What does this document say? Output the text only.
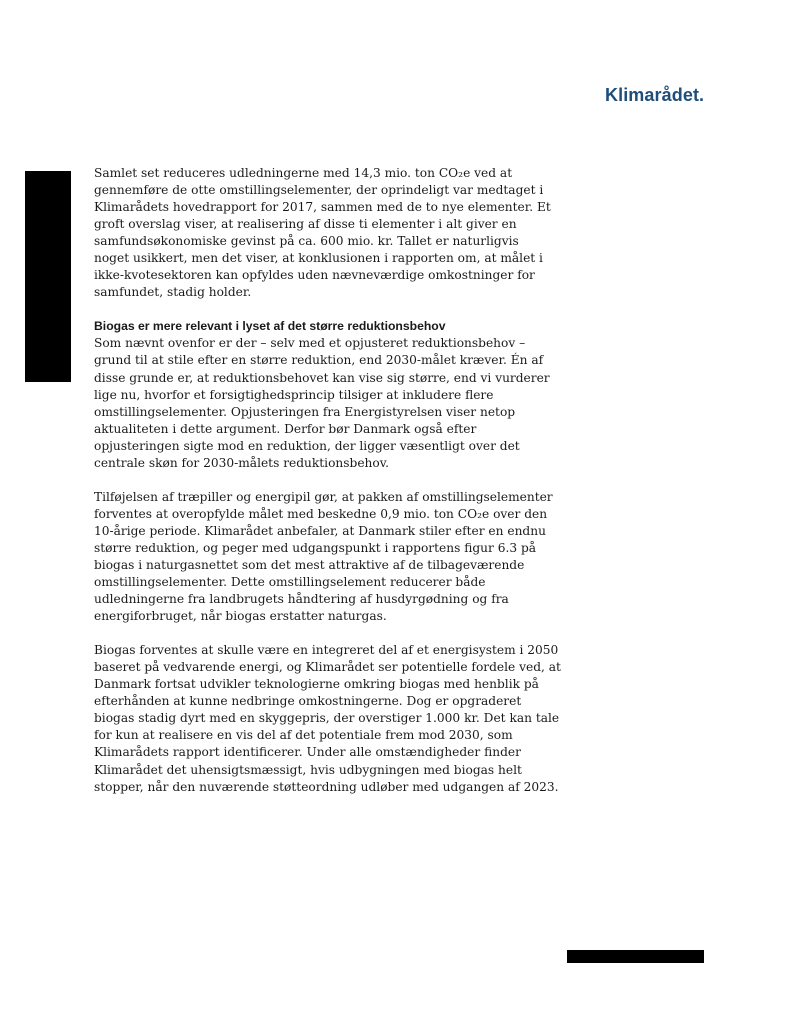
Klimarådet.

Samlet set reduceres udledningerne med 14,3 mio. ton CO₂e ved at
gennemføre de otte omstillingselementer, der oprindeligt var medtaget i
Klimarådets hovedrapport for 2017, sammen med de to nye elementer. Et
groft overslag viser, at realisering af disse ti elementer i alt giver en
samfundsøkonomiske gevinst på ca. 600 mio. kr. Tallet er naturligvis
noget usikkert, men det viser, at konklusionen i rapporten om, at målet i
ikke-kvotesektoren kan opfyldes uden nævneværdige omkostninger for
samfundet, stadig holder.

Biogas er mere relevant i lyset af det større reduktionsbehov
Som nævnt ovenfor er der – selv med et opjusteret reduktionsbehov –
grund til at stile efter en større reduktion, end 2030-målet kræver. Én af
disse grunde er, at reduktionsbehovet kan vise sig større, end vi vurderer
lige nu, hvorfor et forsigtighedsprincip tilsiger at inkludere flere
omstillingselementer. Opjusteringen fra Energistyrelsen viser netop
aktualiteten i dette argument. Derfor bør Danmark også efter
opjusteringen sigte mod en reduktion, der ligger væsentligt over det
centrale skøn for 2030-målets reduktionsbehov.

Tilføjelsen af træpiller og energipil gør, at pakken af omstillingselementer
forventes at overopfylde målet med beskedne 0,9 mio. ton CO₂e over den
10-årige periode. Klimarådet anbefaler, at Danmark stiler efter en endnu
større reduktion, og peger med udgangspunkt i rapportens figur 6.3 på
biogas i naturgasnettet som det mest attraktive af de tilbageværende
omstillingselementer. Dette omstillingselement reducerer både
udledningerne fra landbrugets håndtering af husdyrgødning og fra
energiforbruget, når biogas erstatter naturgas.

Biogas forventes at skulle være en integreret del af et energisystem i 2050
baseret på vedvarende energi, og Klimarådet ser potentielle fordele ved, at
Danmark fortsat udvikler teknologierne omkring biogas med henblik på
efterhånden at kunne nedbringe omkostningerne. Dog er opgraderet
biogas stadig dyrt med en skyggepris, der overstiger 1.000 kr. Det kan tale
for kun at realisere en vis del af det potentiale frem mod 2030, som
Klimarådets rapport identificerer. Under alle omstændigheder finder
Klimarådet det uhensigtsmæssigt, hvis udbygningen med biogas helt
stopper, når den nuværende støtteordning udløber med udgangen af 2023.
